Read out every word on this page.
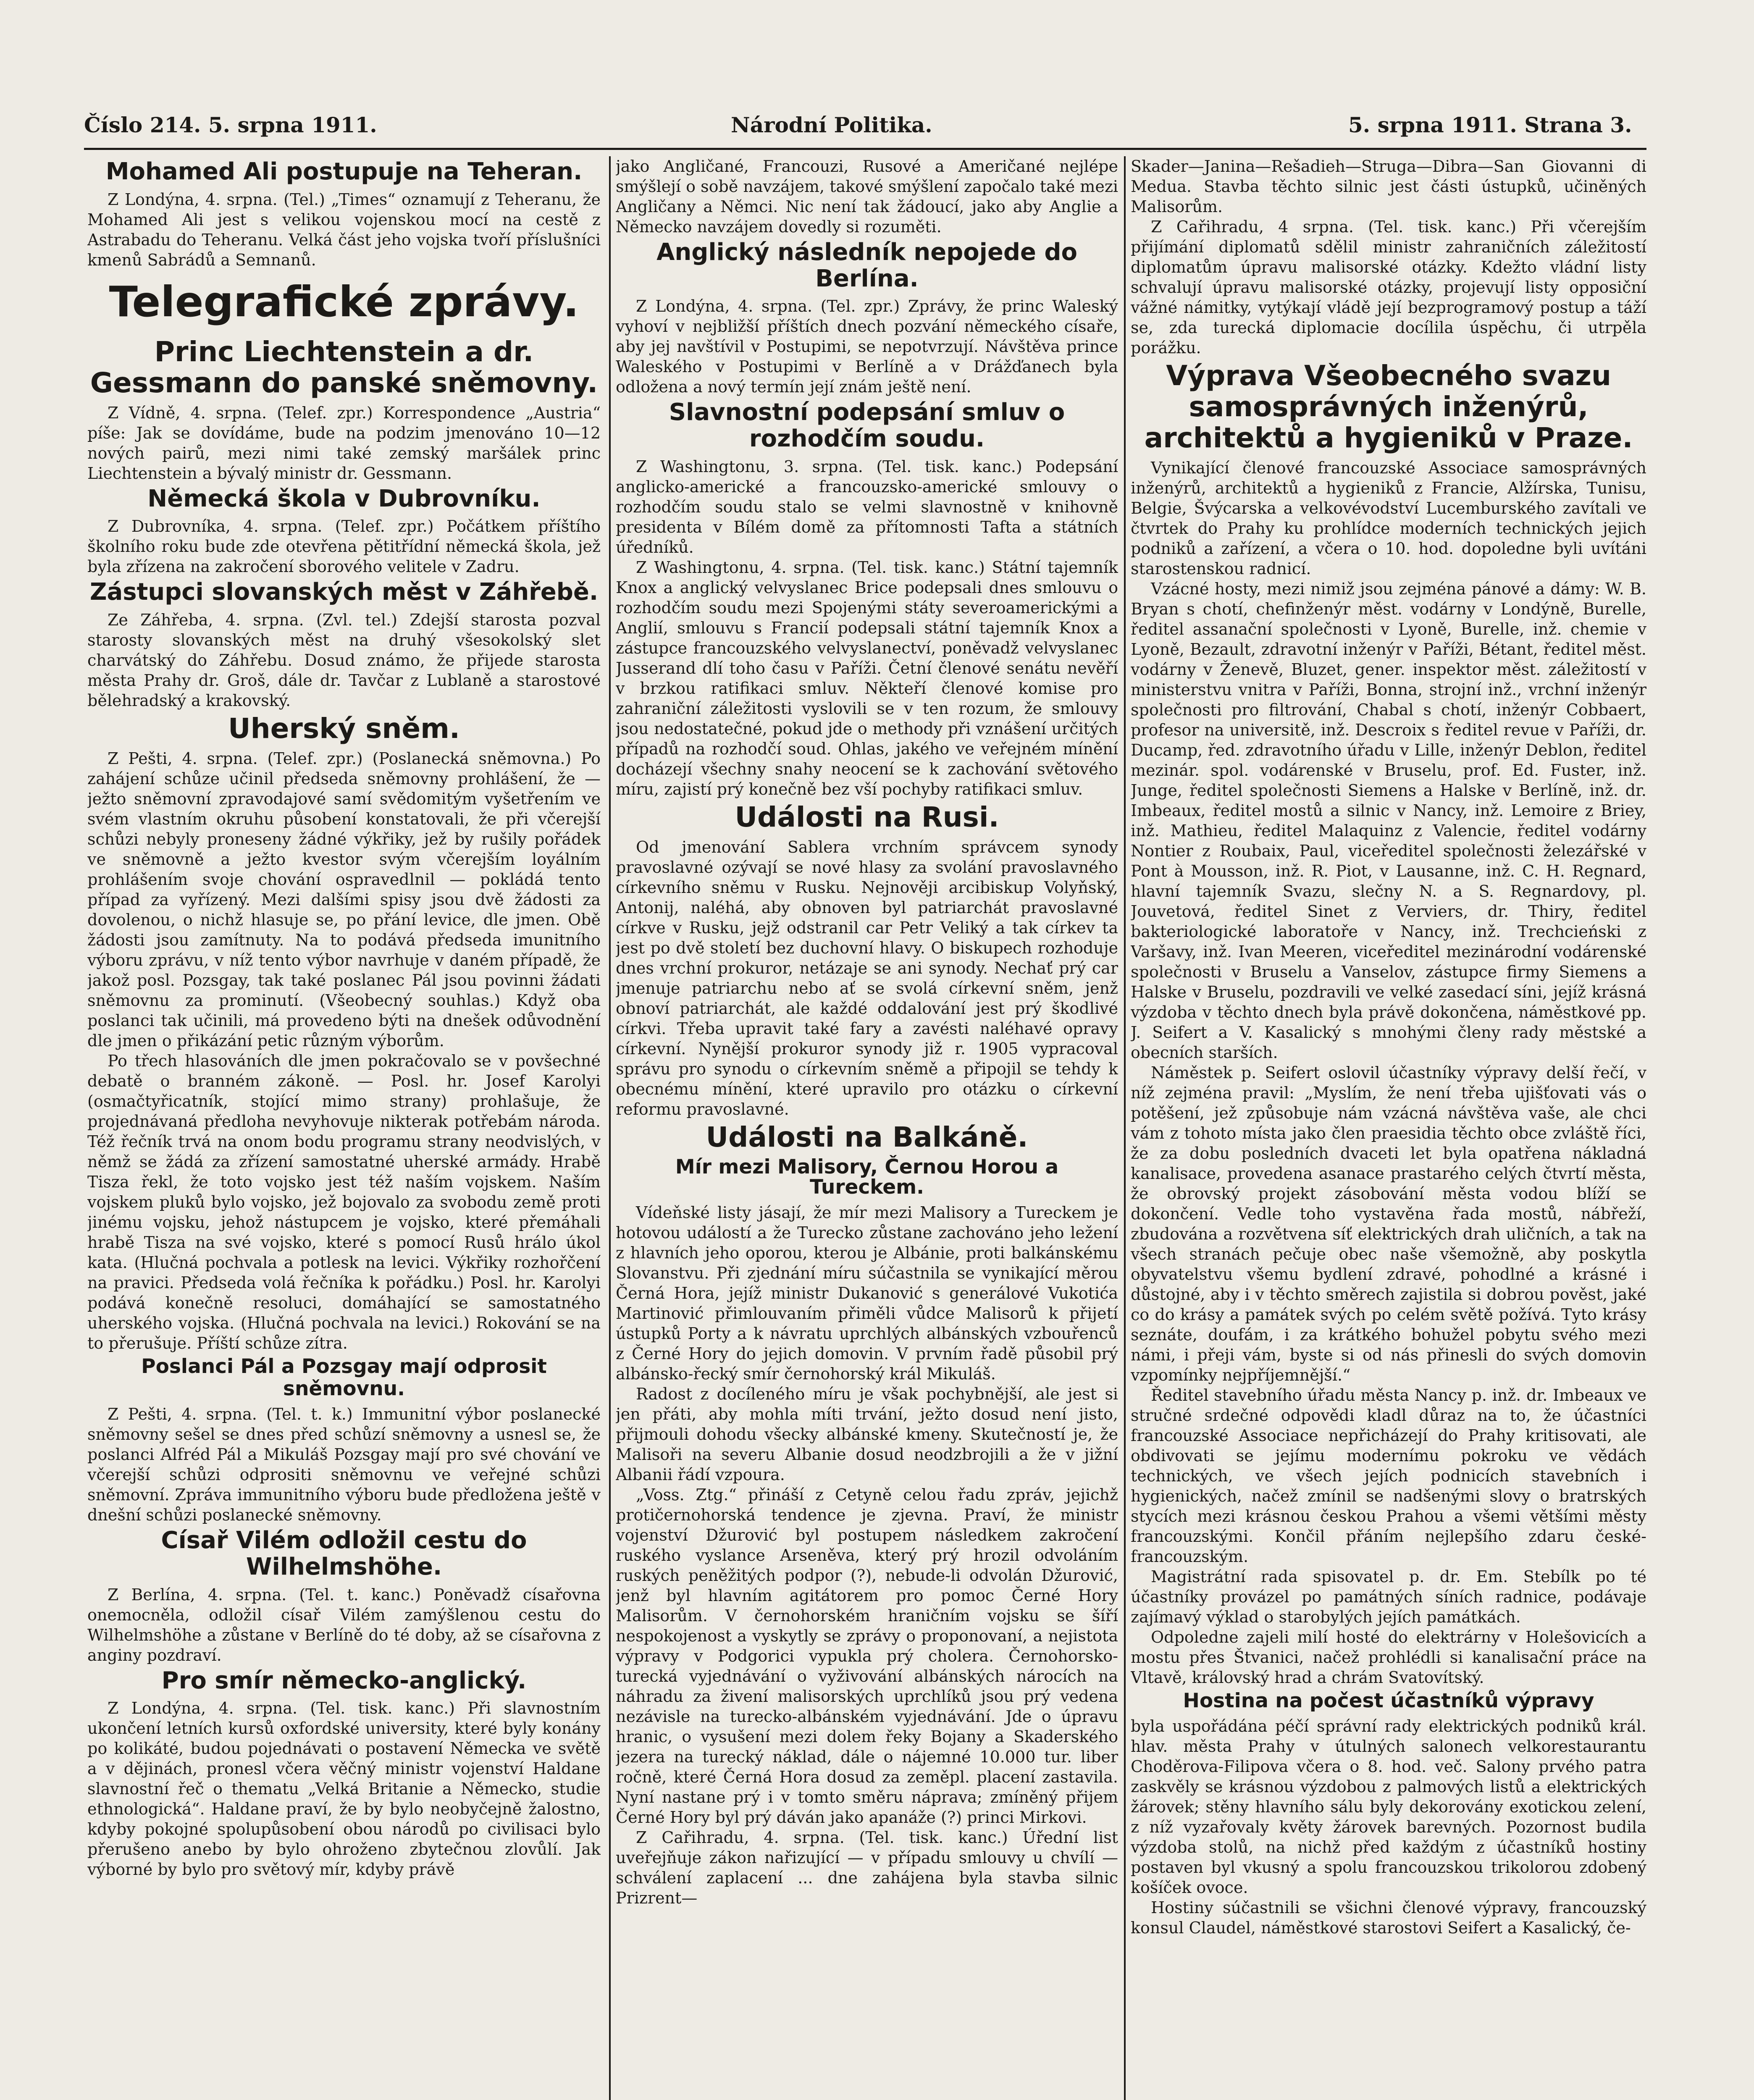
Číslo 214. 5. srpna 1911.	Národní Politika.	5. srpna 1911. Strana 3.
Mohamed Ali postupuje na Teheran.

Z Londýna, 4. srpna. (Tel.) „Times“ oznamují z Teheranu, že Mohamed Ali jest s velikou vojenskou mocí na cestě z Astrabadu do Teheranu. Velká část jeho vojska tvoří příslušníci kmenů Sabrádů a Semnanů.

Telegrafické zprávy.
Princ Liechtenstein a dr. Gessmann do panské sněmovny.

Z Vídně, 4. srpna. (Telef. zpr.) Korrespondence „Austria“ píše: Jak se dovídáme, bude na podzim jmenováno 10—12 nových pairů, mezi nimi také zemský maršálek princ Liechtenstein a bývalý ministr dr. Gessmann.

Německá škola v Dubrovníku.

Z Dubrovníka, 4. srpna. (Telef. zpr.) Počátkem příštího školního roku bude zde otevřena pětitřídní německá škola, jež byla zřízena na zakročení sborového velitele v Zadru.

Zástupci slovanských měst v Záhřebě.

Ze Záhřeba, 4. srpna. (Zvl. tel.) Zdejší starosta pozval starosty slovanských měst na druhý všesokolský slet charvátský do Záhřebu. Dosud známo, že přijede starosta města Prahy dr. Groš, dále dr. Tavčar z Lublaně a starostové bělehradský a krakovský.

Uherský sněm.

Z Pešti, 4. srpna. (Telef. zpr.) (Poslanecká sněmovna.) Po zahájení schůze učinil předseda sněmovny prohlášení, že — ježto sněmovní zpravodajové samí svědomitým vyšetřením ve svém vlastním okruhu působení konstatovali, že při včerejší schůzi nebyly proneseny žádné výkřiky, jež by rušily pořádek ve sněmovně a ježto kvestor svým včerejším loyálním prohlášením svoje chování ospravedlnil — pokládá tento případ za vyřízený. Mezi dalšími spisy jsou dvě žádosti za dovolenou, o nichž hlasuje se, po přání levice, dle jmen. Obě žádosti jsou zamítnuty. Na to podává předseda imunitního výboru zprávu, v níž tento výbor navrhuje v daném případě, že jakož posl. Pozsgay, tak také poslanec Pál jsou povinni žádati sněmovnu za prominutí. (Všeobecný souhlas.) Když oba poslanci tak učinili, má provedeno býti na dnešek odůvodnění dle jmen o přikázání petic různým výborům.

Po třech hlasováních dle jmen pokračovalo se v povšechné debatě o branném zákoně. — Posl. hr. Josef Karolyi (osmačtyřicatník, stojící mimo strany) prohlašuje, že projednávaná předloha nevyhovuje nikterak potřebám národa. Též řečník trvá na onom bodu programu strany neodvislých, v němž se žádá za zřízení samostatné uherské armády. Hrabě Tisza řekl, že toto vojsko jest též naším vojskem. Naším vojskem pluků bylo vojsko, jež bojovalo za svobodu země proti jinému vojsku, jehož nástupcem je vojsko, které přemáhali hrabě Tisza na své vojsko, které s pomocí Rusů hrálo úkol kata. (Hlučná pochvala a potlesk na levici. Výkřiky rozhořčení na pravici. Předseda volá řečníka k pořádku.) Posl. hr. Karolyi podává konečně resoluci, domáhající se samostatného uherského vojska. (Hlučná pochvala na levici.) Rokování se na to přerušuje. Příští schůze zítra.

Poslanci Pál a Pozsgay mají odprosit sněmovnu.

Z Pešti, 4. srpna. (Tel. t. k.) Immunitní výbor poslanecké sněmovny sešel se dnes před schůzí sněmovny a usnesl se, že poslanci Alfréd Pál a Mikuláš Pozsgay mají pro své chování ve včerejší schůzi odprositi sněmovnu ve veřejné schůzi sněmovní. Zpráva immunitního výboru bude předložena ještě v dnešní schůzi poslanecké sněmovny.

Císař Vilém odložil cestu do Wilhelmshöhe.

Z Berlína, 4. srpna. (Tel. t. kanc.) Poněvadž císařovna onemocněla, odložil císař Vilém zamýšlenou cestu do Wilhelmshöhe a zůstane v Berlíně do té doby, až se císařovna z anginy pozdraví.

Pro smír německo-anglický.

Z Londýna, 4. srpna. (Tel. tisk. kanc.) Při slavnostním ukončení letních kursů oxfordské university, které byly konány po kolikáté, budou pojednávati o postavení Německa ve světě a v dějinách, pronesl včera věčný ministr vojenství Haldane slavnostní řeč o thematu „Velká Britanie a Německo, studie ethnologická“. Haldane praví, že by bylo neobyčejně žalostno, kdyby pokojné spolupůsobení obou národů po civilisaci bylo přerušeno anebo by bylo ohroženo zbytečnou zlovůlí. Jak výborné by bylo pro světový mír, kdyby právě

jako Angličané, Francouzi, Rusové a Američané nejlépe smýšlejí o sobě navzájem, takové smýšlení započalo také mezi Angličany a Němci. Nic není tak žádoucí, jako aby Anglie a Německo navzájem dovedly si rozuměti.

Anglický následník nepojede do Berlína.

Z Londýna, 4. srpna. (Tel. zpr.) Zprávy, že princ Waleský vyhoví v nejbližší příštích dnech pozvání německého císaře, aby jej navštívil v Postupimi, se nepotvrzují. Návštěva prince Waleského v Postupimi v Berlíně a v Drážďanech byla odložena a nový termín její znám ještě není.

Slavnostní podepsání smluv o rozhodčím soudu.

Z Washingtonu, 3. srpna. (Tel. tisk. kanc.) Podepsání anglicko-americké a francouzsko-americké smlouvy o rozhodčím soudu stalo se velmi slavnostně v knihovně presidenta v Bílém domě za přítomnosti Tafta a státních úředníků.

Z Washingtonu, 4. srpna. (Tel. tisk. kanc.) Státní tajemník Knox a anglický velvyslanec Brice podepsali dnes smlouvu o rozhodčím soudu mezi Spojenými státy severoamerickými a Anglií, smlouvu s Francií podepsali státní tajemník Knox a zástupce francouzského velvyslanectví, poněvadž velvyslanec Jusserand dlí toho času v Paříži. Četní členové senátu nevěří v brzkou ratifikaci smluv. Někteří členové komise pro zahraniční záležitosti vyslovili se v ten rozum, že smlouvy jsou nedostatečné, pokud jde o methody při vznášení určitých případů na rozhodčí soud. Ohlas, jakého ve veřejném mínění docházejí všechny snahy neocení se k zachování světového míru, zajistí prý konečně bez vší pochyby ratifikaci smluv.

Události na Rusi.

Od jmenování Sablera vrchním správcem synody pravoslavné ozývají se nové hlasy za svolání pravoslavného církevního sněmu v Rusku. Nejnověji arcibiskup Volyňský, Antonij, naléhá, aby obnoven byl patriarchát pravoslavné církve v Rusku, jejž odstranil car Petr Veliký a tak církev ta jest po dvě století bez duchovní hlavy. O biskupech rozhoduje dnes vrchní prokuror, netázaje se ani synody. Nechať prý car jmenuje patriarchu nebo ať se svolá církevní sněm, jenž obnoví patriarchát, ale každé oddalování jest prý škodlivé církvi. Třeba upravit také fary a zavésti naléhavé opravy církevní. Nynější prokuror synody již r. 1905 vypracoval správu pro synodu o církevním sněmě a připojil se tehdy k obecnému mínění, které upravilo pro otázku o církevní reformu pravoslavné.

Události na Balkáně.
Mír mezi Malisory, Černou Horou a Tureckem.

Vídeňské listy jásají, že mír mezi Malisory a Tureckem je hotovou událostí a že Turecko zůstane zachováno jeho ležení z hlavních jeho oporou, kterou je Albánie, proti balkánskému Slovanstvu. Při zjednání míru súčastnila se vynikající měrou Černá Hora, jejíž ministr Dukanović s generálové Vukotića Martinović přimlouvaním přiměli vůdce Malisorů k přijetí ústupků Porty a k návratu uprchlých albánských vzbouřenců z Černé Hory do jejich domovin. V prvním řadě působil prý albánsko-řecký smír černohorský král Mikuláš.

Radost z docíleného míru je však pochybnější, ale jest si jen přáti, aby mohla míti trvání, ježto dosud není jisto, přijmouli dohodu všecky albánské kmeny. Skutečností je, že Malisoři na severu Albanie dosud neodzbrojili a že v jižní Albanii řádí vzpoura.

„Voss. Ztg.“ přináší z Cetyně celou řadu zpráv, jejichž protičernohorská tendence je zjevna. Praví, že ministr vojenství Džurović byl postupem následkem zakročení ruského vyslance Arseněva, který prý hrozil odvoláním ruských peněžitých podpor (?), nebude-li odvolán Džurović, jenž byl hlavním agitátorem pro pomoc Černé Hory Malisorům. V černohorském hraničním vojsku se šíří nespokojenost a vyskytly se zprávy o proponovaní, a nejistota výpravy v Podgorici vypukla prý cholera. Černohorsko-turecká vyjednávání o vyživování albánských nárocích na náhradu za živení malisorských uprchlíků jsou prý vedena nezávisle na turecko-albánském vyjednávání. Jde o úpravu hranic, o vysušení mezi dolem řeky Bojany a Skaderského jezera na turecký náklad, dále o nájemné 10.000 tur. liber ročně, které Černá Hora dosud za zeměpl. placení zastavila. Nyní nastane prý i v tomto směru náprava; zmíněný přijem Černé Hory byl prý dáván jako apanáže (?) princi Mirkovi.

Z Cařihradu, 4. srpna. (Tel. tisk. kanc.) Úřední list uveřejňuje zákon nařizující — v případu smlouvy u chvílí — schválení zaplacení ... dne zahájena byla stavba silnic Prizrent—

Skader—Janina—Rešadieh—Struga—Dibra—San Giovanni di Medua. Stavba těchto silnic jest části ústupků, učiněných Malisorům.

Z Cařihradu, 4 srpna. (Tel. tisk. kanc.) Při včerejším přijímání diplomatů sdělil ministr zahraničních záležitostí diplomatům úpravu malisorské otázky. Kdežto vládní listy schvalují úpravu malisorské otázky, projevují listy opposiční vážné námitky, vytýkají vládě její bezprogramový postup a táží se, zda turecká diplomacie docílila úspěchu, či utrpěla porážku.

Výprava Všeobecného svazu samosprávných inženýrů, architektů a hygieniků v Praze.

Vynikající členové francouzské Associace samosprávných inženýrů, architektů a hygieniků z Francie, Alžírska, Tunisu, Belgie, Švýcarska a velkovévodství Lucemburského zavítali ve čtvrtek do Prahy ku prohlídce moderních technických jejich podniků a zařízení, a včera o 10. hod. dopoledne byli uvítáni starostenskou radnicí.

Vzácné hosty, mezi nimiž jsou zejména pánové a dámy: W. B. Bryan s chotí, chefinženýr měst. vodárny v Londýně, Burelle, ředitel assanační společnosti v Lyoně, Burelle, inž. chemie v Lyoně, Bezault, zdravotní inženýr v Paříži, Bétant, ředitel měst. vodárny v Ženevě, Bluzet, gener. inspektor měst. záležitostí v ministerstvu vnitra v Paříži, Bonna, strojní inž., vrchní inženýr společnosti pro filtrování, Chabal s chotí, inženýr Cobbaert, profesor na universitě, inž. Descroix s ředitel revue v Paříži, dr. Ducamp, řed. zdravotního úřadu v Lille, inženýr Deblon, ředitel mezinár. spol. vodárenské v Bruselu, prof. Ed. Fuster, inž. Junge, ředitel společnosti Siemens a Halske v Berlíně, inž. dr. Imbeaux, ředitel mostů a silnic v Nancy, inž. Lemoire z Briey, inž. Mathieu, ředitel Malaquinz z Valencie, ředitel vodárny Nontier z Roubaix, Paul, viceředitel společnosti železářské v Pont à Mousson, inž. R. Piot, v Lausanne, inž. C. H. Regnard, hlavní tajemník Svazu, slečny N. a S. Regnardovy, pl. Jouvetová, ředitel Sinet z Verviers, dr. Thiry, ředitel bakteriologické laboratoře v Nancy, inž. Trechcieński z Varšavy, inž. Ivan Meeren, viceředitel mezinárodní vodárenské společnosti v Bruselu a Vanselov, zástupce firmy Siemens a Halske v Bruselu, pozdravili ve velké zasedací síni, jejíž krásná výzdoba v těchto dnech byla právě dokončena, náměstkové pp. J. Seifert a V. Kasalický s mnohými členy rady městské a obecních starších.

Náměstek p. Seifert oslovil účastníky výpravy delší řečí, v níž zejména pravil: „Myslím, že není třeba ujišťovati vás o potěšení, jež způsobuje nám vzácná návštěva vaše, ale chci vám z tohoto místa jako člen praesidia těchto obce zvláště říci, že za dobu posledních dvaceti let byla opatřena nákladná kanalisace, provedena asanace prastarého celých čtvrtí města, že obrovský projekt zásobování města vodou blíží se dokončení. Vedle toho vystavěna řada mostů, nábřeží, zbudována a rozvětvena síť elektrických drah uličních, a tak na všech stranách pečuje obec naše všemožně, aby poskytla obyvatelstvu všemu bydlení zdravé, pohodlné a krásné i důstojné, aby i v těchto směrech zajistila si dobrou pověst, jaké co do krásy a památek svých po celém světě požívá. Tyto krásy seznáte, doufám, i za krátkého bohužel pobytu svého mezi námi, i přeji vám, byste si od nás přinesli do svých domovin vzpomínky nejpříjemnější.“

Ředitel stavebního úřadu města Nancy p. inž. dr. Imbeaux ve stručné srdečné odpovědi kladl důraz na to, že účastníci francouzské Associace nepřicházejí do Prahy kritisovati, ale obdivovati se jejímu modernímu pokroku ve vědách technických, ve všech jejích podnicích stavebních i hygienických, načež zmínil se nadšenými slovy o bratrských stycích mezi krásnou českou Prahou a všemi většími městy francouzskými. Končil přáním nejlepšího zdaru české-francouzským.

Magistrátní rada spisovatel p. dr. Em. Stebílk po té účastníky provázel po památných síních radnice, podávaje zajímavý výklad o starobylých jejích památkách.

Odpoledne zajeli milí hosté do elektrárny v Holešovicích a mostu přes Štvanici, načež prohlédli si kanalisační práce na Vltavě, královský hrad a chrám Svatovítský.

Hostina na počest účastníků výpravy

byla uspořádána péčí správní rady elektrických podniků král. hlav. města Prahy v útulných salonech velkorestaurantu Choděrova-Filipova včera o 8. hod. več. Salony prvého patra zaskvěly se krásnou výzdobou z palmových listů a elektrických žárovek; stěny hlavního sálu byly dekorovány exotickou zelení, z níž vyzařovaly květy žárovek barevných. Pozornost budila výzdoba stolů, na nichž před každým z účastníků hostiny postaven byl vkusný a spolu francouzskou trikolorou zdobený košíček ovoce.

Hostiny súčastnili se všichni členové výpravy, francouzský konsul Claudel, náměstkové starostovi Seifert a Kasalický, če-
